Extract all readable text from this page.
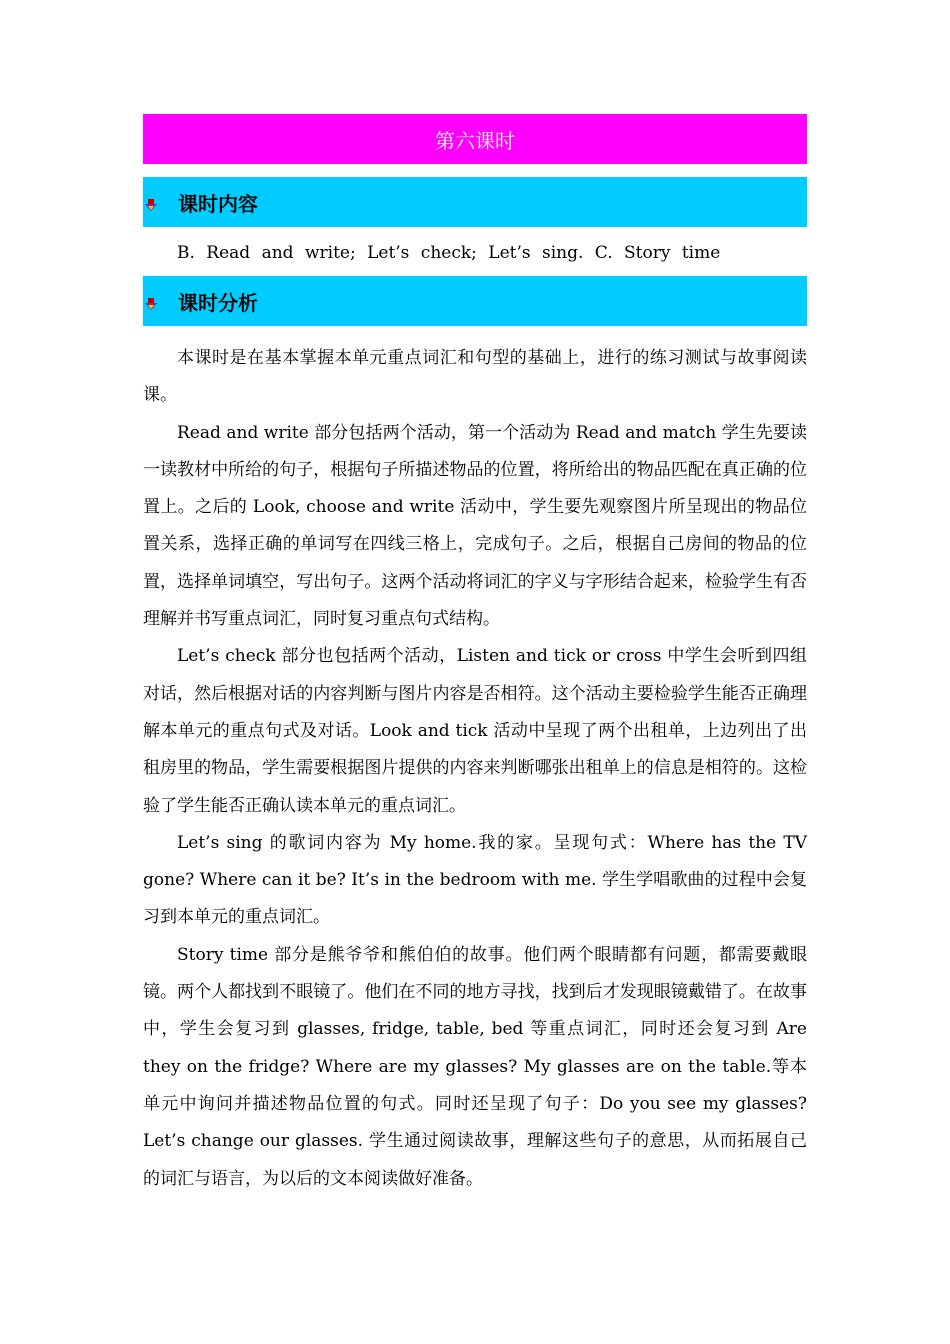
第六课时
课时内容
B. Read and write; Let’s check; Let’s sing. C. Story time
课时分析

本课时是在基本掌握本单元重点词汇和句型的基础上，进行的练习测试与故事阅读课。

Read and write 部分包括两个活动，第一个活动为 Read and match 学生先要读一读教材中所给的句子，根据句子所描述物品的位置，将所给出的物品匹配在真正确的位置上。之后的 Look, choose and write 活动中，学生要先观察图片所呈现出的物品位置关系，选择正确的单词写在四线三格上，完成句子。之后，根据自己房间的物品的位置，选择单词填空，写出句子。这两个活动将词汇的字义与字形结合起来，检验学生有否理解并书写重点词汇，同时复习重点句式结构。

Let’s check 部分也包括两个活动，Listen and tick or cross 中学生会听到四组对话，然后根据对话的内容判断与图片内容是否相符。这个活动主要检验学生能否正确理解本单元的重点句式及对话。Look and tick 活动中呈现了两个出租单，上边列出了出租房里的物品，学生需要根据图片提供的内容来判断哪张出租单上的信息是相符的。这检验了学生能否正确认读本单元的重点词汇。

Let’s sing 的歌词内容为 My home.我的家。呈现句式：Where has the TV gone? Where can it be? It’s in the bedroom with me. 学生学唱歌曲的过程中会复习到本单元的重点词汇。

Story time 部分是熊爷爷和熊伯伯的故事。他们两个眼睛都有问题，都需要戴眼镜。两个人都找到不眼镜了。他们在不同的地方寻找，找到后才发现眼镜戴错了。在故事中，学生会复习到 glasses, fridge, table, bed 等重点词汇，同时还会复习到 Are they on the fridge? Where are my glasses? My glasses are on the table.等本单元中询问并描述物品位置的句式。同时还呈现了句子：Do you see my glasses? Let’s change our glasses. 学生通过阅读故事，理解这些句子的意思，从而拓展自己的词汇与语言，为以后的文本阅读做好准备。
